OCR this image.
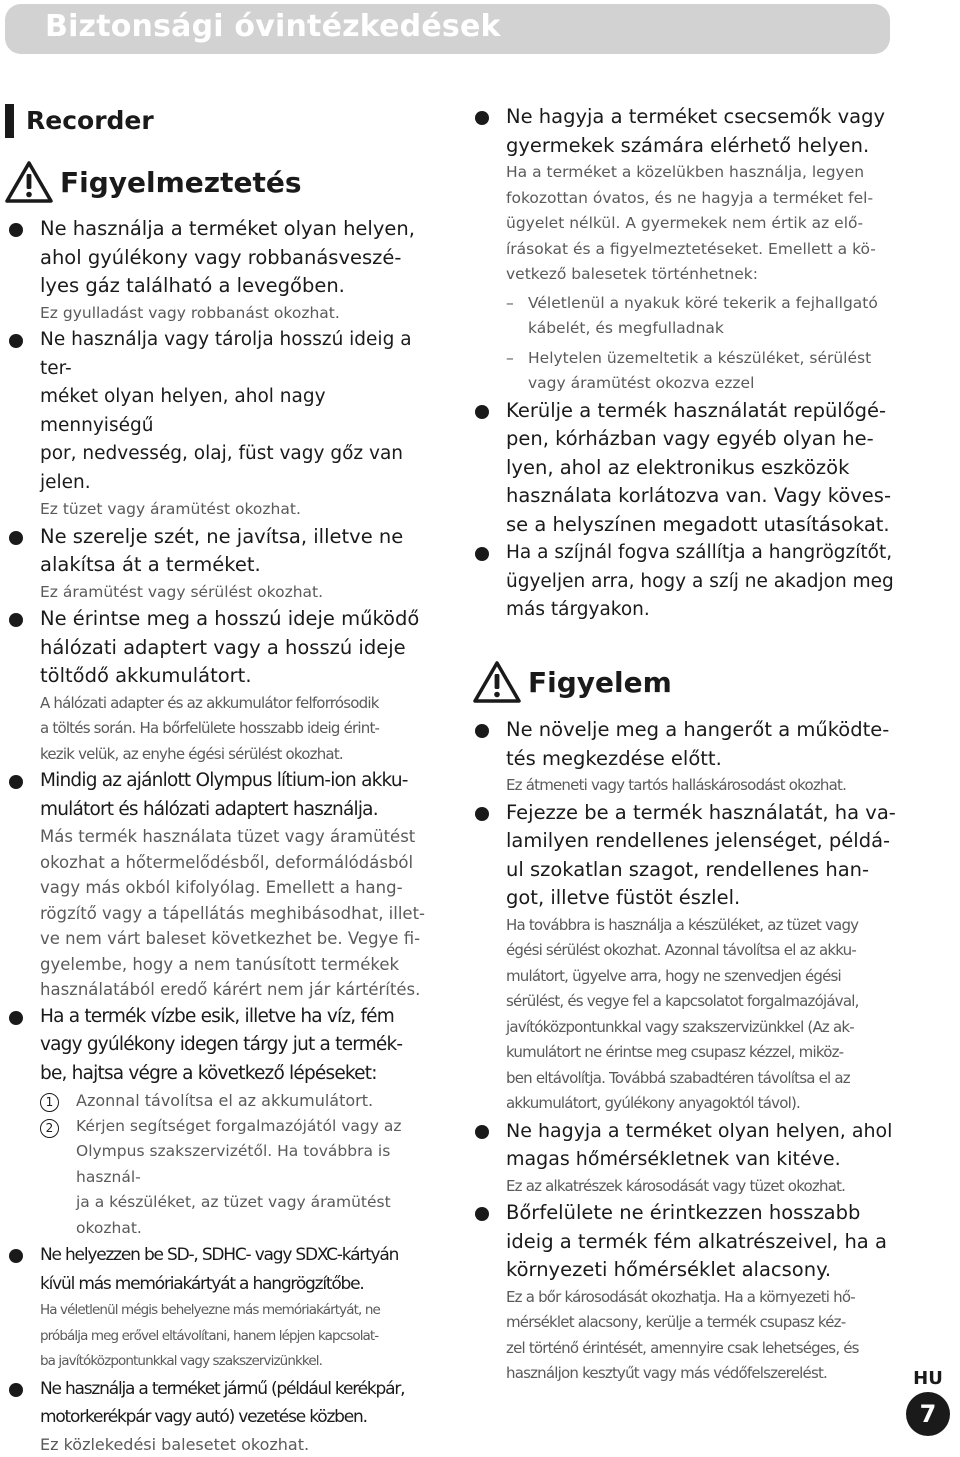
Biztonsági óvintézkedések
Recorder
Figyelmeztetés
Ne használja a terméket olyan helyen,
ahol gyúlékony vagy robbanásveszé-
lyes gáz található a levegőben.
Ez gyulladást vagy robbanást okozhat.
Ne használja vagy tárolja hosszú ideig a ter-
méket olyan helyen, ahol nagy mennyiségű
por, nedvesség, olaj, füst vagy gőz van jelen.
Ez tüzet vagy áramütést okozhat.
Ne szerelje szét, ne javítsa, illetve ne
alakítsa át a terméket.
Ez áramütést vagy sérülést okozhat.
Ne érintse meg a hosszú ideje működő
hálózati adaptert vagy a hosszú ideje
töltődő akkumulátort.
A hálózati adapter és az akkumulátor felforrósodik
a töltés során. Ha bőrfelülete hosszabb ideig érint-
kezik velük, az enyhe égési sérülést okozhat.
Mindig az ajánlott Olympus lítium-ion akku-
mulátort és hálózati adaptert használja.
Más termék használata tüzet vagy áramütést
okozhat a hőtermelődésből, deformálódásból
vagy más okból kifolyólag. Emellett a hang-
rögzítő vagy a tápellátás meghibásodhat, illet-
ve nem várt baleset következhet be. Vegye fi-
gyelembe, hogy a nem tanúsított termékek
használatából eredő kárért nem jár kártérítés.
Ha a termék vízbe esik, illetve ha víz, fém
vagy gyúlékony idegen tárgy jut a termék-
be, hajtsa végre a következő lépéseket:
1	Azonnal távolítsa el az akkumulátort.
2	Kérjen segítséget forgalmazójától vagy az
Olympus szakszervizétől. Ha továbbra is használ-
ja a készüléket, az tüzet vagy áramütést okozhat.
Ne helyezzen be SD-, SDHC- vagy SDXC-kártyán
kívül más memóriakártyát a hangrögzítőbe.
Ha véletlenül mégis behelyezne más memóriakártyát, ne
próbálja meg erővel eltávolítani, hanem lépjen kapcsolat-
ba javítóközpontunkkal vagy szakszervizünkkel.
Ne használja a terméket jármű (például kerékpár,
motorkerékpár vagy autó) vezetése közben.
Ez közlekedési balesetet okozhat.
Ne hagyja a terméket csecsemők vagy
gyermekek számára elérhető helyen.
Ha a terméket a közelükben használja, legyen
fokozottan óvatos, és ne hagyja a terméket fel-
ügyelet nélkül. A gyermekek nem értik az elő-
írásokat és a figyelmeztetéseket. Emellett a kö-
vetkező balesetek történhetnek:
– Véletlenül a nyakuk köré tekerik a fejhallgató
kábelét, és megfulladnak
– Helytelen üzemeltetik a készüléket, sérülést
vagy áramütést okozva ezzel
Kerülje a termék használatát repülőgé-
pen, kórházban vagy egyéb olyan he-
lyen, ahol az elektronikus eszközök
használata korlátozva van. Vagy köves-
se a helyszínen megadott utasításokat.
Ha a szíjnál fogva szállítja a hangrögzítőt,
ügyeljen arra, hogy a szíj ne akadjon meg
más tárgyakon.
Figyelem
Ne növelje meg a hangerőt a működte-
tés megkezdése előtt.
Ez átmeneti vagy tartós halláskárosodást okozhat.
Fejezze be a termék használatát, ha va-
lamilyen rendellenes jelenséget, példá-
ul szokatlan szagot, rendellenes han-
got, illetve füstöt észlel.
Ha továbbra is használja a készüléket, az tüzet vagy
égési sérülést okozhat. Azonnal távolítsa el az akku-
mulátort, ügyelve arra, hogy ne szenvedjen égési
sérülést, és vegye fel a kapcsolatot forgalmazójával,
javítóközpontunkkal vagy szakszervizünkkel (Az ak-
kumulátort ne érintse meg csupasz kézzel, miköz-
ben eltávolítja. Továbbá szabadtéren távolítsa el az
akkumulátort, gyúlékony anyagoktól távol).
Ne hagyja a terméket olyan helyen, ahol
magas hőmérsékletnek van kitéve.
Ez az alkatrészek károsodását vagy tüzet okozhat.
Bőrfelülete ne érintkezzen hosszabb
ideig a termék fém alkatrészeivel, ha a
környezeti hőmérséklet alacsony.
Ez a bőr károsodását okozhatja. Ha a környezeti hő-
mérséklet alacsony, kerülje a termék csupasz kéz-
zel történő érintését, amennyire csak lehetséges, és
használjon kesztyűt vagy más védőfelszerelést.	HU
7
